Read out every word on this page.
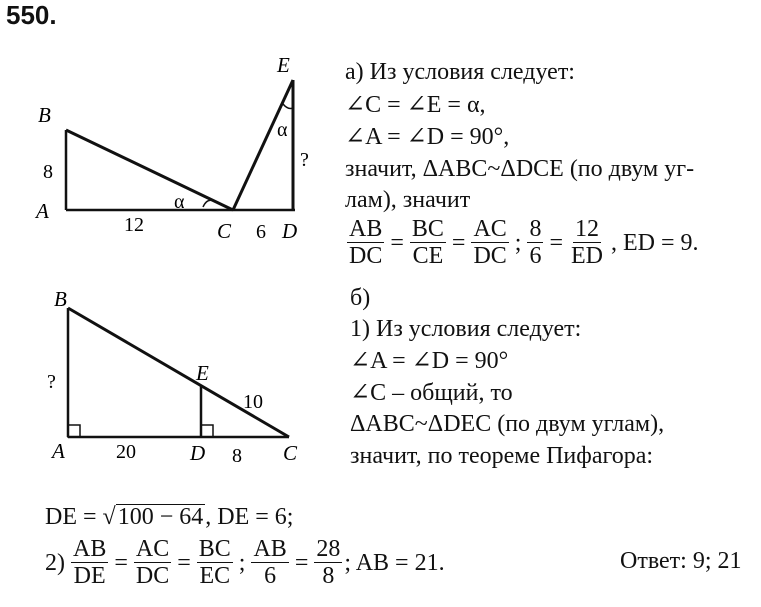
550.
E
B
A
C D
8
12	6
?
α
α
B
E
A	D	C
?
20	8
10
а) Из условия следует:
∠C = ∠E = α,
∠A = ∠D = 90°,
значит, ΔABC~ΔDCE (по двум уг-
лам), значит
$\frac{AB}{DC} = \frac{BC}{CE} = \frac{AC}{DC}$ ; $\frac{8}{6} = \frac{12}{ED}$ , ED = 9.
б)
1) Из условия следует:
∠A = ∠D = 90°
∠C – общий, то
ΔABC~ΔDEC (по двум углам),
значит, по теореме Пифагора:
DE = √100 − 64, DE = 6;
$2) \frac{AB}{DE} = \frac{AC}{DC} = \frac{BC}{EC}$ ; $\frac{AB}{6} = \frac{28}{8}$ ; AB = 21.	Ответ: 9; 21
